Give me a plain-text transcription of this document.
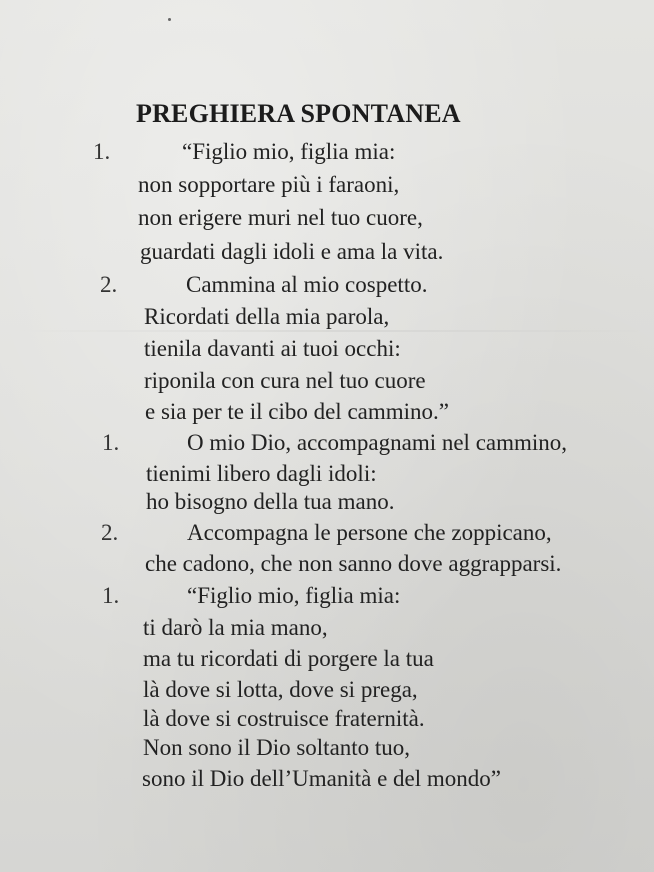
PREGHIERA SPONTANEA
1.	“Figlio mio, figlia mia:
non sopportare più i faraoni,
non erigere muri nel tuo cuore,
guardati dagli idoli e ama la vita.
2.	Cammina al mio cospetto.
Ricordati della mia parola,
tienila davanti ai tuoi occhi:
riponila con cura nel tuo cuore
e sia per te il cibo del cammino.”
1.	O mio Dio, accompagnami nel cammino,
tienimi libero dagli idoli:
ho bisogno della tua mano.
2.	Accompagna le persone che zoppicano,
che cadono, che non sanno dove aggrapparsi.
1.	“Figlio mio, figlia mia:
ti darò la mia mano,
ma tu ricordati di porgere la tua
là dove si lotta, dove si prega,
là dove si costruisce fraternità.
Non sono il Dio soltanto tuo,
sono il Dio dell’Umanità e del mondo”
